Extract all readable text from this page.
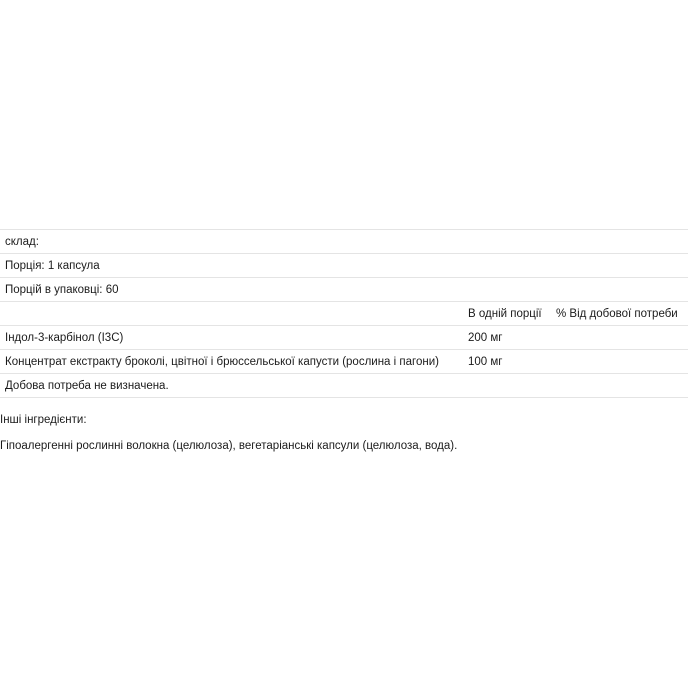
склад:
Порція: 1 капсула
Порцій в упаковці: 60
В одній порції % Від добової потреби
Індол-3-карбінол (I3C)	200 мг
Концентрат екстракту броколі, цвітної і брюссельської капусти (рослина і пагони)	100 мг
Добова потреба не визначена.
Інші інгредієнти:
Гіпоалергенні рослинні волокна (целюлоза), вегетаріанські капсули (целюлоза, вода).
